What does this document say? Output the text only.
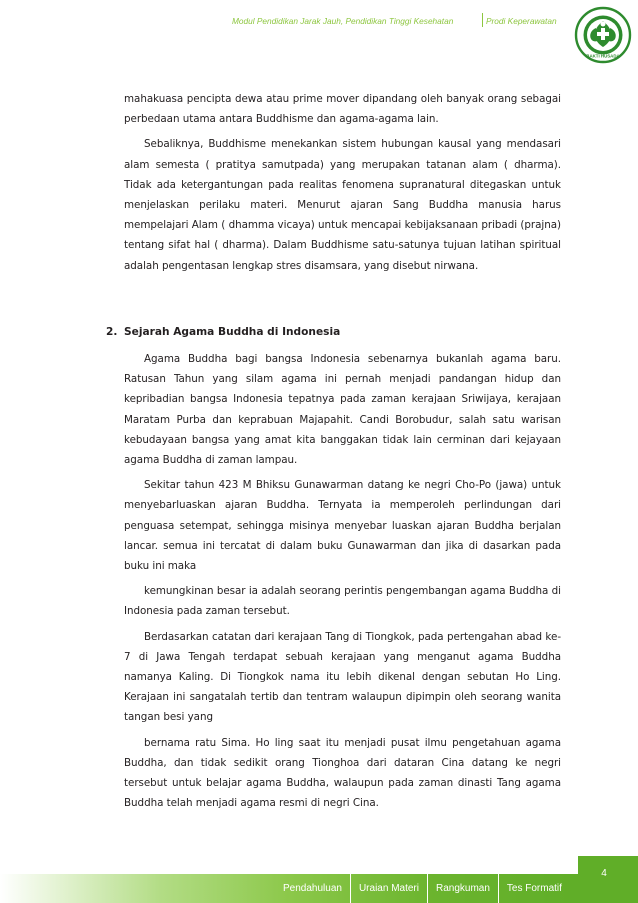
Modul Pendidikan Jarak Jauh, Pendidikan Tinggi Kesehatan	Prodi Keperawatan
BAKTI HUSADA

mahakuasa pencipta dewa atau prime mover dipandang oleh banyak orang sebagai perbedaan utama antara Buddhisme dan agama-agama lain.

Sebaliknya, Buddhisme menekankan sistem hubungan kausal yang mendasari alam semesta ( pratitya samutpada) yang merupakan tatanan alam ( dharma). Tidak ada ketergantungan pada realitas fenomena supranatural ditegaskan untuk menjelaskan perilaku materi. Menurut ajaran Sang Buddha manusia harus mempelajari Alam ( dhamma vicaya) untuk mencapai kebijaksanaan pribadi (prajna) tentang sifat hal ( dharma). Dalam Buddhisme satu-satunya tujuan latihan spiritual adalah pengentasan lengkap stres disamsara, yang disebut nirwana.

2. Sejarah Agama Buddha di Indonesia

Agama Buddha bagi bangsa Indonesia sebenarnya bukanlah agama baru. Ratusan Tahun yang silam agama ini pernah menjadi pandangan hidup dan kepribadian bangsa Indonesia tepatnya pada zaman kerajaan Sriwijaya, kerajaan Maratam Purba dan keprabuan Majapahit. Candi Borobudur, salah satu warisan kebudayaan bangsa yang amat kita banggakan tidak lain cerminan dari kejayaan agama Buddha di zaman lampau.

Sekitar tahun 423 M Bhiksu Gunawarman datang ke negri Cho-Po (jawa) untuk menyebarluaskan ajaran Buddha. Ternyata ia memperoleh perlindungan dari penguasa setempat, sehingga misinya menyebar luaskan ajaran Buddha berjalan lancar. semua ini tercatat di dalam buku Gunawarman dan jika di dasarkan pada buku ini maka

kemungkinan besar ia adalah seorang perintis pengembangan agama Buddha di Indonesia pada zaman tersebut.

Berdasarkan catatan dari kerajaan Tang di Tiongkok, pada pertengahan abad ke-7 di Jawa Tengah terdapat sebuah kerajaan yang menganut agama Buddha namanya Kaling. Di Tiongkok nama itu lebih dikenal dengan sebutan Ho Ling. Kerajaan ini sangatalah tertib dan tentram walaupun dipimpin oleh seorang wanita tangan besi yang

bernama ratu Sima. Ho ling saat itu menjadi pusat ilmu pengetahuan agama Buddha, dan tidak sedikit orang Tionghoa dari dataran Cina datang ke negri tersebut untuk belajar agama Buddha, walaupun pada zaman dinasti Tang agama Buddha telah menjadi agama resmi di negri Cina.

Pendahuluan	Uraian Materi	Rangkuman	Tes Formatif
4
